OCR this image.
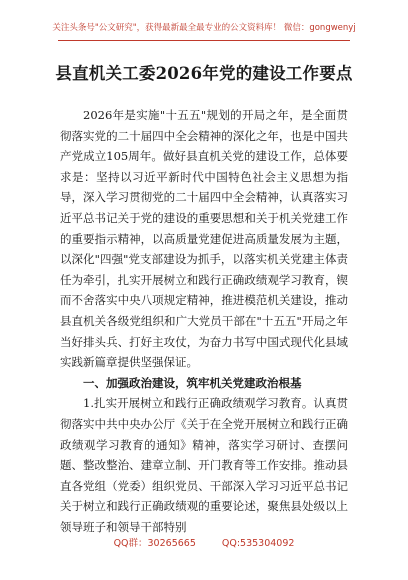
关注头条号"公文研究"，获得最新最全最专业的公文资料库！ 微信：gongwenyj
县直机关工委2026年党的建设工作要点

2026年是实施"十五五"规划的开局之年，是全面贯彻落实党的二十届四中全会精神的深化之年，也是中国共产党成立105周年。做好县直机关党的建设工作，总体要求是：坚持以习近平新时代中国特色社会主义思想为指导，深入学习贯彻党的二十届四中全会精神，认真落实习近平总书记关于党的建设的重要思想和关于机关党建工作的重要指示精神，以高质量党建促进高质量发展为主题，以深化"四强"党支部建设为抓手，以落实机关党建主体责任为牵引，扎实开展树立和践行正确政绩观学习教育，锲而不舍落实中央八项规定精神，推进模范机关建设，推动县直机关各级党组织和广大党员干部在"十五五"开局之年当好排头兵、打好主攻仗，为奋力书写中国式现代化县域实践新篇章提供坚强保证。

一、加强政治建设，筑牢机关党建政治根基

1.扎实开展树立和践行正确政绩观学习教育。认真贯彻落实中共中央办公厅《关于在全党开展树立和践行正确政绩观学习教育的通知》精神，落实学习研讨、查摆问题、整改整治、建章立制、开门教育等工作安排。推动县直各党组（党委）组织党员、干部深入学习习近平总书记关于树立和践行正确政绩观的重要论述，聚焦县处级以上领导班子和领导干部特别

QQ群：30265665	QQ:535304092
